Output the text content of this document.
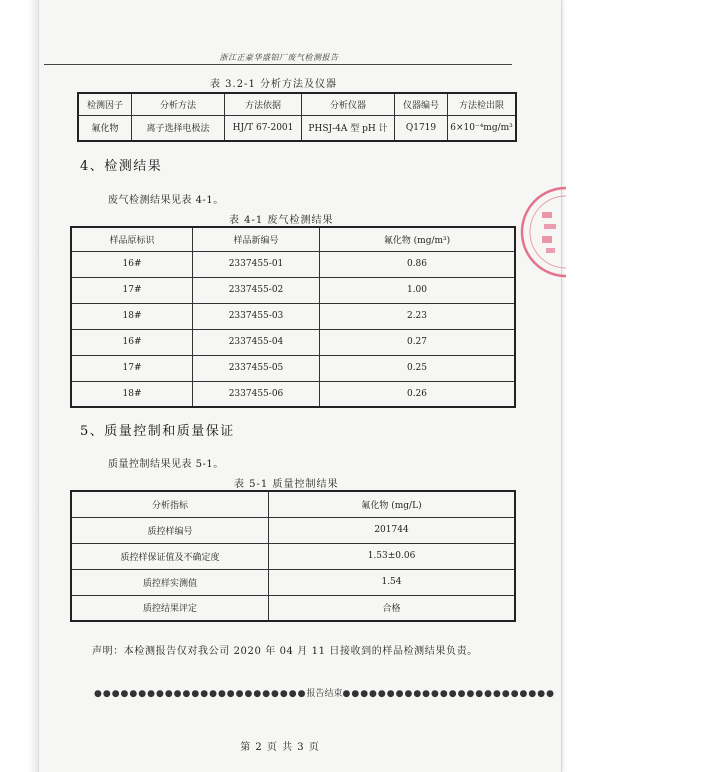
浙江正豪华盛铝厂废气检测报告
表 3.2-1 分析方法及仪器
检测因子	分析方法	方法依据	分析仪器	仪器编号	方法检出限
氟化物	离子选择电极法	HJ/T 67-2001	PHSJ-4A 型 pH 计	Q1719	6×10⁻⁴mg/m³
4、检测结果
废气检测结果见表 4-1。
表 4-1 废气检测结果
样品原标识	样品新编号	氟化物 (mg/m³)
16#	2337455-01	0.86
17#	2337455-02	1.00
18#	2337455-03	2.23
16#	2337455-04	0.27
17#	2337455-05	0.25
18#	2337455-06	0.26
5、质量控制和质量保证
质量控制结果见表 5-1。
表 5-1 质量控制结果
分析指标	氟化物 (mg/L)
质控样编号	201744
质控样保证值及不确定度	1.53±0.06
质控样实测值	1.54
质控结果评定	合格
声明：本检测报告仅对我公司 2020 年 04 月 11 日接收到的样品检测结果负责。
●●●●●●●●●●●●●●●●●●●●●●●●报告结束●●●●●●●●●●●●●●●●●●●●●●●●
第 2 页 共 3 页
